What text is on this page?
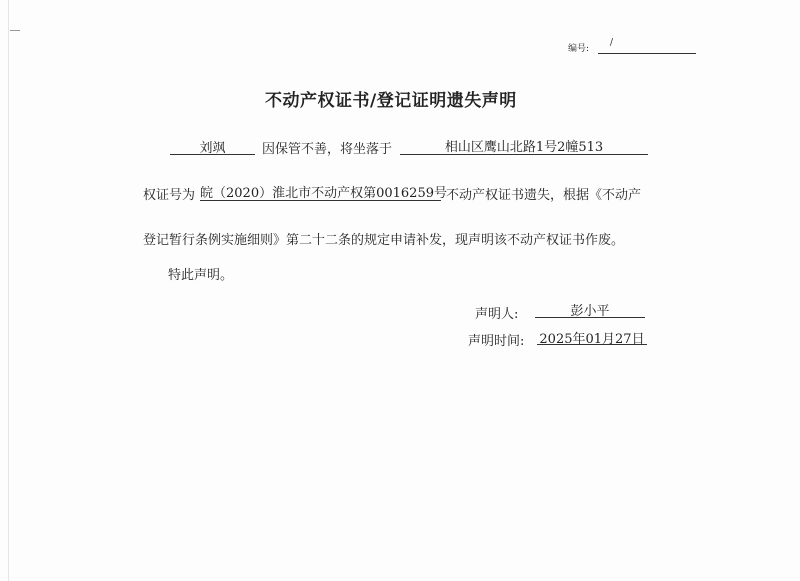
编号:
/
不动产权证书/登记证明遗失声明
刘飒	因保管不善，将坐落于	相山区鹰山北路1号2幢513
权证号为 皖（2020）淮北市不动产权第0016259号 不动产权证书遗失，根据《不动产
登记暂行条例实施细则》第二十二条的规定申请补发，现声明该不动产权证书作废。
特此声明。
声明人:	彭小平
声明时间: 2025年01月27日
